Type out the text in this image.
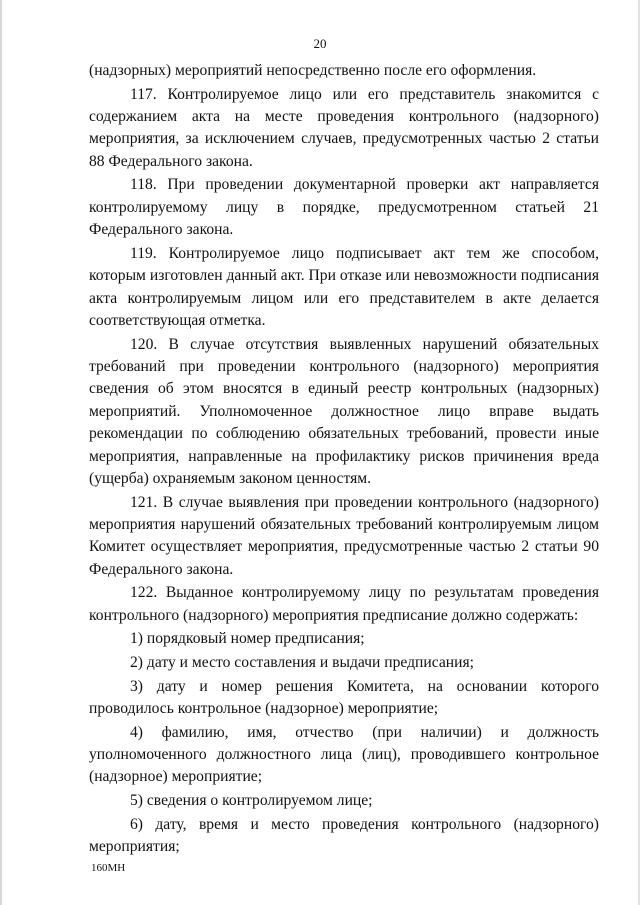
20

(надзорных) мероприятий непосредственно после его оформления.

117. Контролируемое лицо или его представитель знакомится с содержанием акта на месте проведения контрольного (надзорного) мероприятия, за исключением случаев, предусмотренных частью 2 статьи 88 Федерального закона.

118. При проведении документарной проверки акт направляется контролируемому лицу в порядке, предусмотренном статьей 21 Федерального закона.

119. Контролируемое лицо подписывает акт тем же способом, которым изготовлен данный акт. При отказе или невозможности подписания акта контролируемым лицом или его представителем в акте делается соответствующая отметка.

120. В случае отсутствия выявленных нарушений обязательных требований при проведении контрольного (надзорного) мероприятия сведения об этом вносятся в единый реестр контрольных (надзорных) мероприятий. Уполномоченное должностное лицо вправе выдать рекомендации по соблюдению обязательных требований, провести иные мероприятия, направленные на профилактику рисков причинения вреда (ущерба) охраняемым законом ценностям.

121. В случае выявления при проведении контрольного (надзорного) мероприятия нарушений обязательных требований контролируемым лицом Комитет осуществляет мероприятия, предусмотренные частью 2 статьи 90 Федерального закона.

122. Выданное контролируемому лицу по результатам проведения контрольного (надзорного) мероприятия предписание должно содержать:

1) порядковый номер предписания;

2) дату и место составления и выдачи предписания;

3) дату и номер решения Комитета, на основании которого проводилось контрольное (надзорное) мероприятие;

4) фамилию, имя, отчество (при наличии) и должность уполномоченного должностного лица (лиц), проводившего контрольное (надзорное) мероприятие;

5) сведения о контролируемом лице;

6) дату, время и место проведения контрольного (надзорного) мероприятия;

160МН
